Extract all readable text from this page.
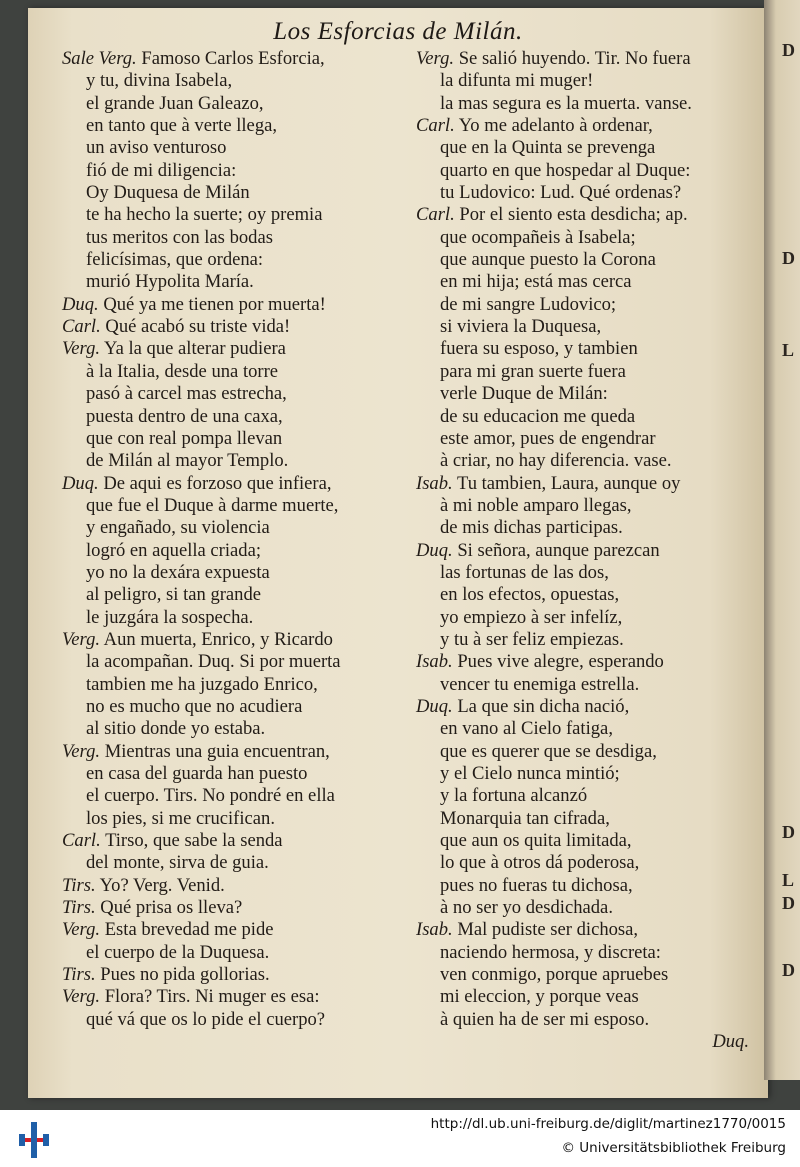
D
D
L
D
L
D
D
Los Esforcias de Milán.
Sale Verg. Famoso Carlos Esforcia,
y tu, divina Isabela,
el grande Juan Galeazo,
en tanto que à verte llega,
un aviso venturoso
fió de mi diligencia:
Oy Duquesa de Milán
te ha hecho la suerte; oy premia
tus meritos con las bodas
felicísimas, que ordena:
murió Hypolita María.
Duq. Qué ya me tienen por muerta!
Carl. Qué acabó su triste vida!
Verg. Ya la que alterar pudiera
à la Italia, desde una torre
pasó à carcel mas estrecha,
puesta dentro de una caxa,
que con real pompa llevan
de Milán al mayor Templo.
Duq. De aqui es forzoso que infiera,
que fue el Duque à darme muerte,
y engañado, su violencia
logró en aquella criada;
yo no la dexára expuesta
al peligro, si tan grande
le juzgára la sospecha.
Verg. Aun muerta, Enrico, y Ricardo
la acompañan. Duq. Si por muerta
tambien me ha juzgado Enrico,
no es mucho que no acudiera
al sitio donde yo estaba.
Verg. Mientras una guia encuentran,
en casa del guarda han puesto
el cuerpo. Tirs. No pondré en ella
los pies, si me crucifican.
Carl. Tirso, que sabe la senda
del monte, sirva de guia.
Tirs. Yo? Verg. Venid.
Tirs. Qué prisa os lleva?
Verg. Esta brevedad me pide
el cuerpo de la Duquesa.
Tirs. Pues no pida gollorias.
Verg. Flora? Tirs. Ni muger es esa:
qué vá que os lo pide el cuerpo?
Verg. Se salió huyendo. Tir. No fuera
la difunta mi muger!
la mas segura es la muerta. vanse.
Carl. Yo me adelanto à ordenar,
que en la Quinta se prevenga
quarto en que hospedar al Duque:
tu Ludovico: Lud. Qué ordenas?
Carl. Por el siento esta desdicha; ap.
que ocompañeis à Isabela;
que aunque puesto la Corona
en mi hija; está mas cerca
de mi sangre Ludovico;
si viviera la Duquesa,
fuera su esposo, y tambien
para mi gran suerte fuera
verle Duque de Milán:
de su educacion me queda
este amor, pues de engendrar
à criar, no hay diferencia. vase.
Isab. Tu tambien, Laura, aunque oy
à mi noble amparo llegas,
de mis dichas participas.
Duq. Si señora, aunque parezcan
las fortunas de las dos,
en los efectos, opuestas,
yo empiezo à ser infelíz,
y tu à ser feliz empiezas.
Isab. Pues vive alegre, esperando
vencer tu enemiga estrella.
Duq. La que sin dicha nació,
en vano al Cielo fatiga,
que es querer que se desdiga,
y el Cielo nunca mintió;
y la fortuna alcanzó
Monarquia tan cifrada,
que aun os quita limitada,
lo que à otros dá poderosa,
pues no fueras tu dichosa,
à no ser yo desdichada.
Isab. Mal pudiste ser dichosa,
naciendo hermosa, y discreta:
ven conmigo, porque apruebes
mi eleccion, y porque veas
à quien ha de ser mi esposo.
Duq.
http://dl.ub.uni-freiburg.de/diglit/martinez1770/0015
© Universitätsbibliothek Freiburg
